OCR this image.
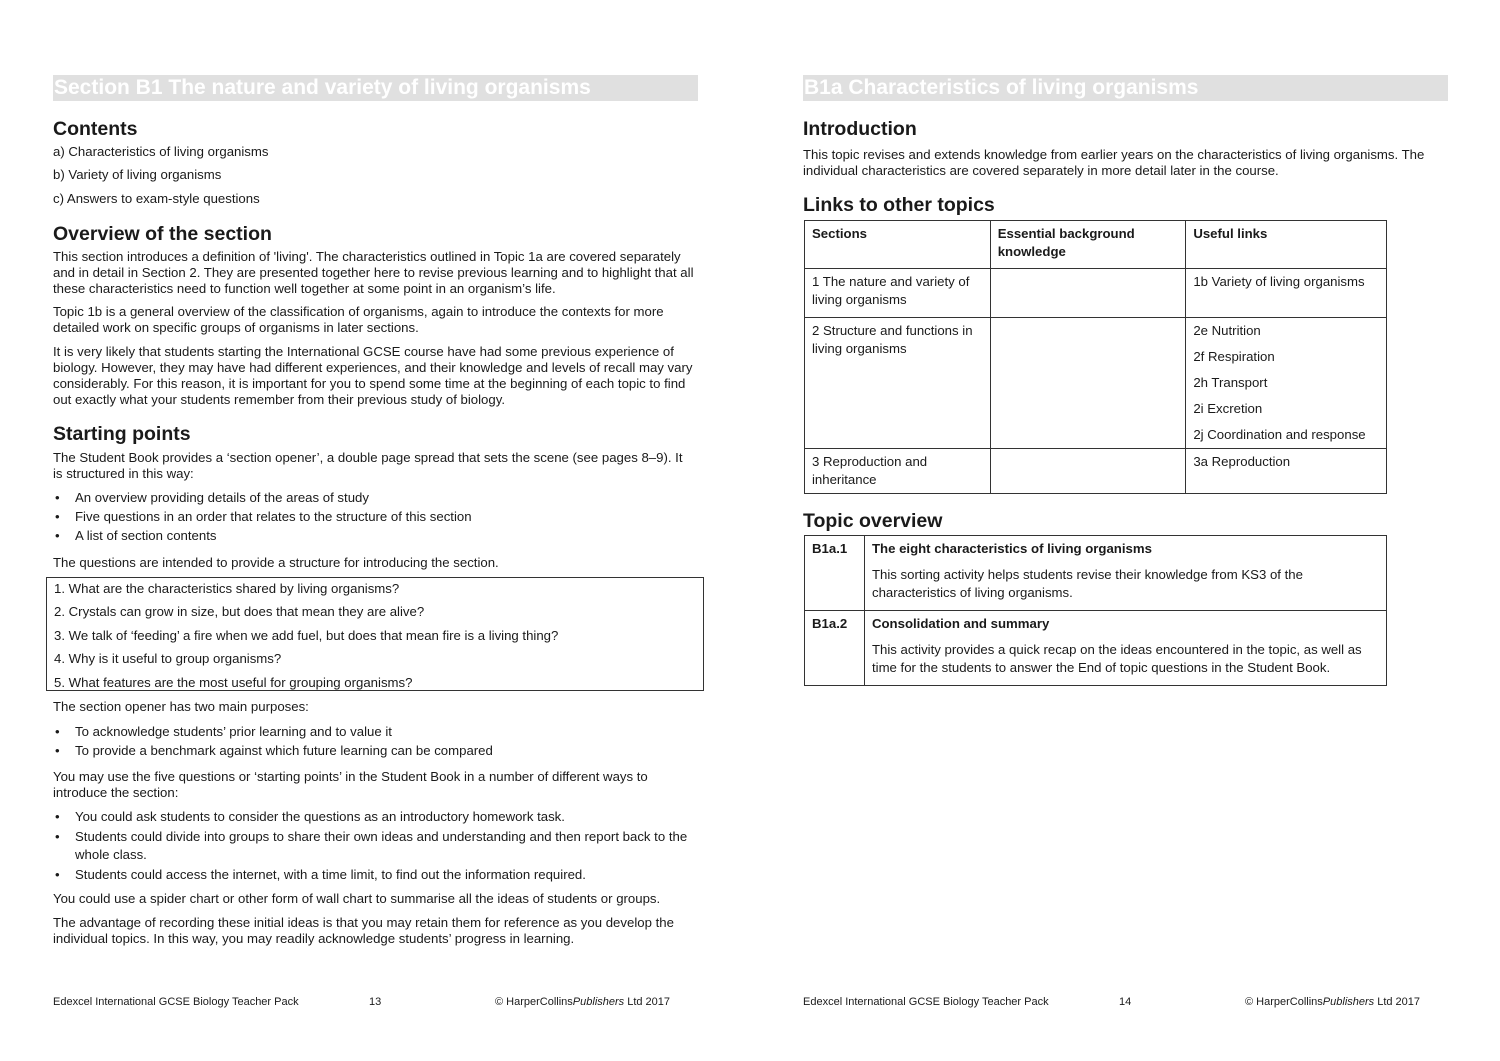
Section B1 The nature and variety of living organisms
Contents
a) Characteristics of living organisms
b) Variety of living organisms
c) Answers to exam-style questions
Overview of the section

This section introduces a definition of 'living'. The characteristics outlined in Topic 1a are covered separately and in detail in Section 2. They are presented together here to revise previous learning and to highlight that all these characteristics need to function well together at some point in an organism’s life.

Topic 1b is a general overview of the classification of organisms, again to introduce the contexts for more detailed work on specific groups of organisms in later sections.

It is very likely that students starting the International GCSE course have had some previous experience of biology. However, they may have had different experiences, and their knowledge and levels of recall may vary considerably. For this reason, it is important for you to spend some time at the beginning of each topic to find out exactly what your students remember from their previous study of biology.

Starting points

The Student Book provides a ‘section opener’, a double page spread that sets the scene (see pages 8–9). It is structured in this way:

• An overview providing details of the areas of study
• Five questions in an order that relates to the structure of this section
• A list of section contents

The questions are intended to provide a structure for introducing the section.

1. What are the characteristics shared by living organisms?
2. Crystals can grow in size, but does that mean they are alive?
3. We talk of ‘feeding’ a fire when we add fuel, but does that mean fire is a living thing?
4. Why is it useful to group organisms?
5. What features are the most useful for grouping organisms?

The section opener has two main purposes:

• To acknowledge students’ prior learning and to value it
• To provide a benchmark against which future learning can be compared

You may use the five questions or ‘starting points’ in the Student Book in a number of different ways to introduce the section:

• You could ask students to consider the questions as an introductory homework task.
• Students could divide into groups to share their own ideas and understanding and then report back to the whole class.
• Students could access the internet, with a time limit, to find out the information required.

You could use a spider chart or other form of wall chart to summarise all the ideas of students or groups.

The advantage of recording these initial ideas is that you may retain them for reference as you develop the individual topics. In this way, you may readily acknowledge students’ progress in learning.

Edexcel International GCSE Biology Teacher Pack	13	© HarperCollinsPublishers Ltd 2017
B1a Characteristics of living organisms
Introduction

This topic revises and extends knowledge from earlier years on the characteristics of living organisms. The individual characteristics are covered separately in more detail later in the course.

Links to other topics
Sections	Essential background knowledge	Useful links
1 The nature and variety of living organisms		1b Variety of living organisms

2 Structure and functions in living organisms		2e Nutrition
2f Respiration
2h Transport
2i Excretion
2j Coordination and response

3 Reproduction and inheritance		3a Reproduction
Topic overview
B1a.1	The eight characteristics of living organisms
This sorting activity helps students revise their knowledge from KS3 of the characteristics of living organisms.

B1a.2	Consolidation and summary
This activity provides a quick recap on the ideas encountered in the topic, as well as time for the students to answer the End of topic questions in the Student Book.
Edexcel International GCSE Biology Teacher Pack	14	© HarperCollinsPublishers Ltd 2017
